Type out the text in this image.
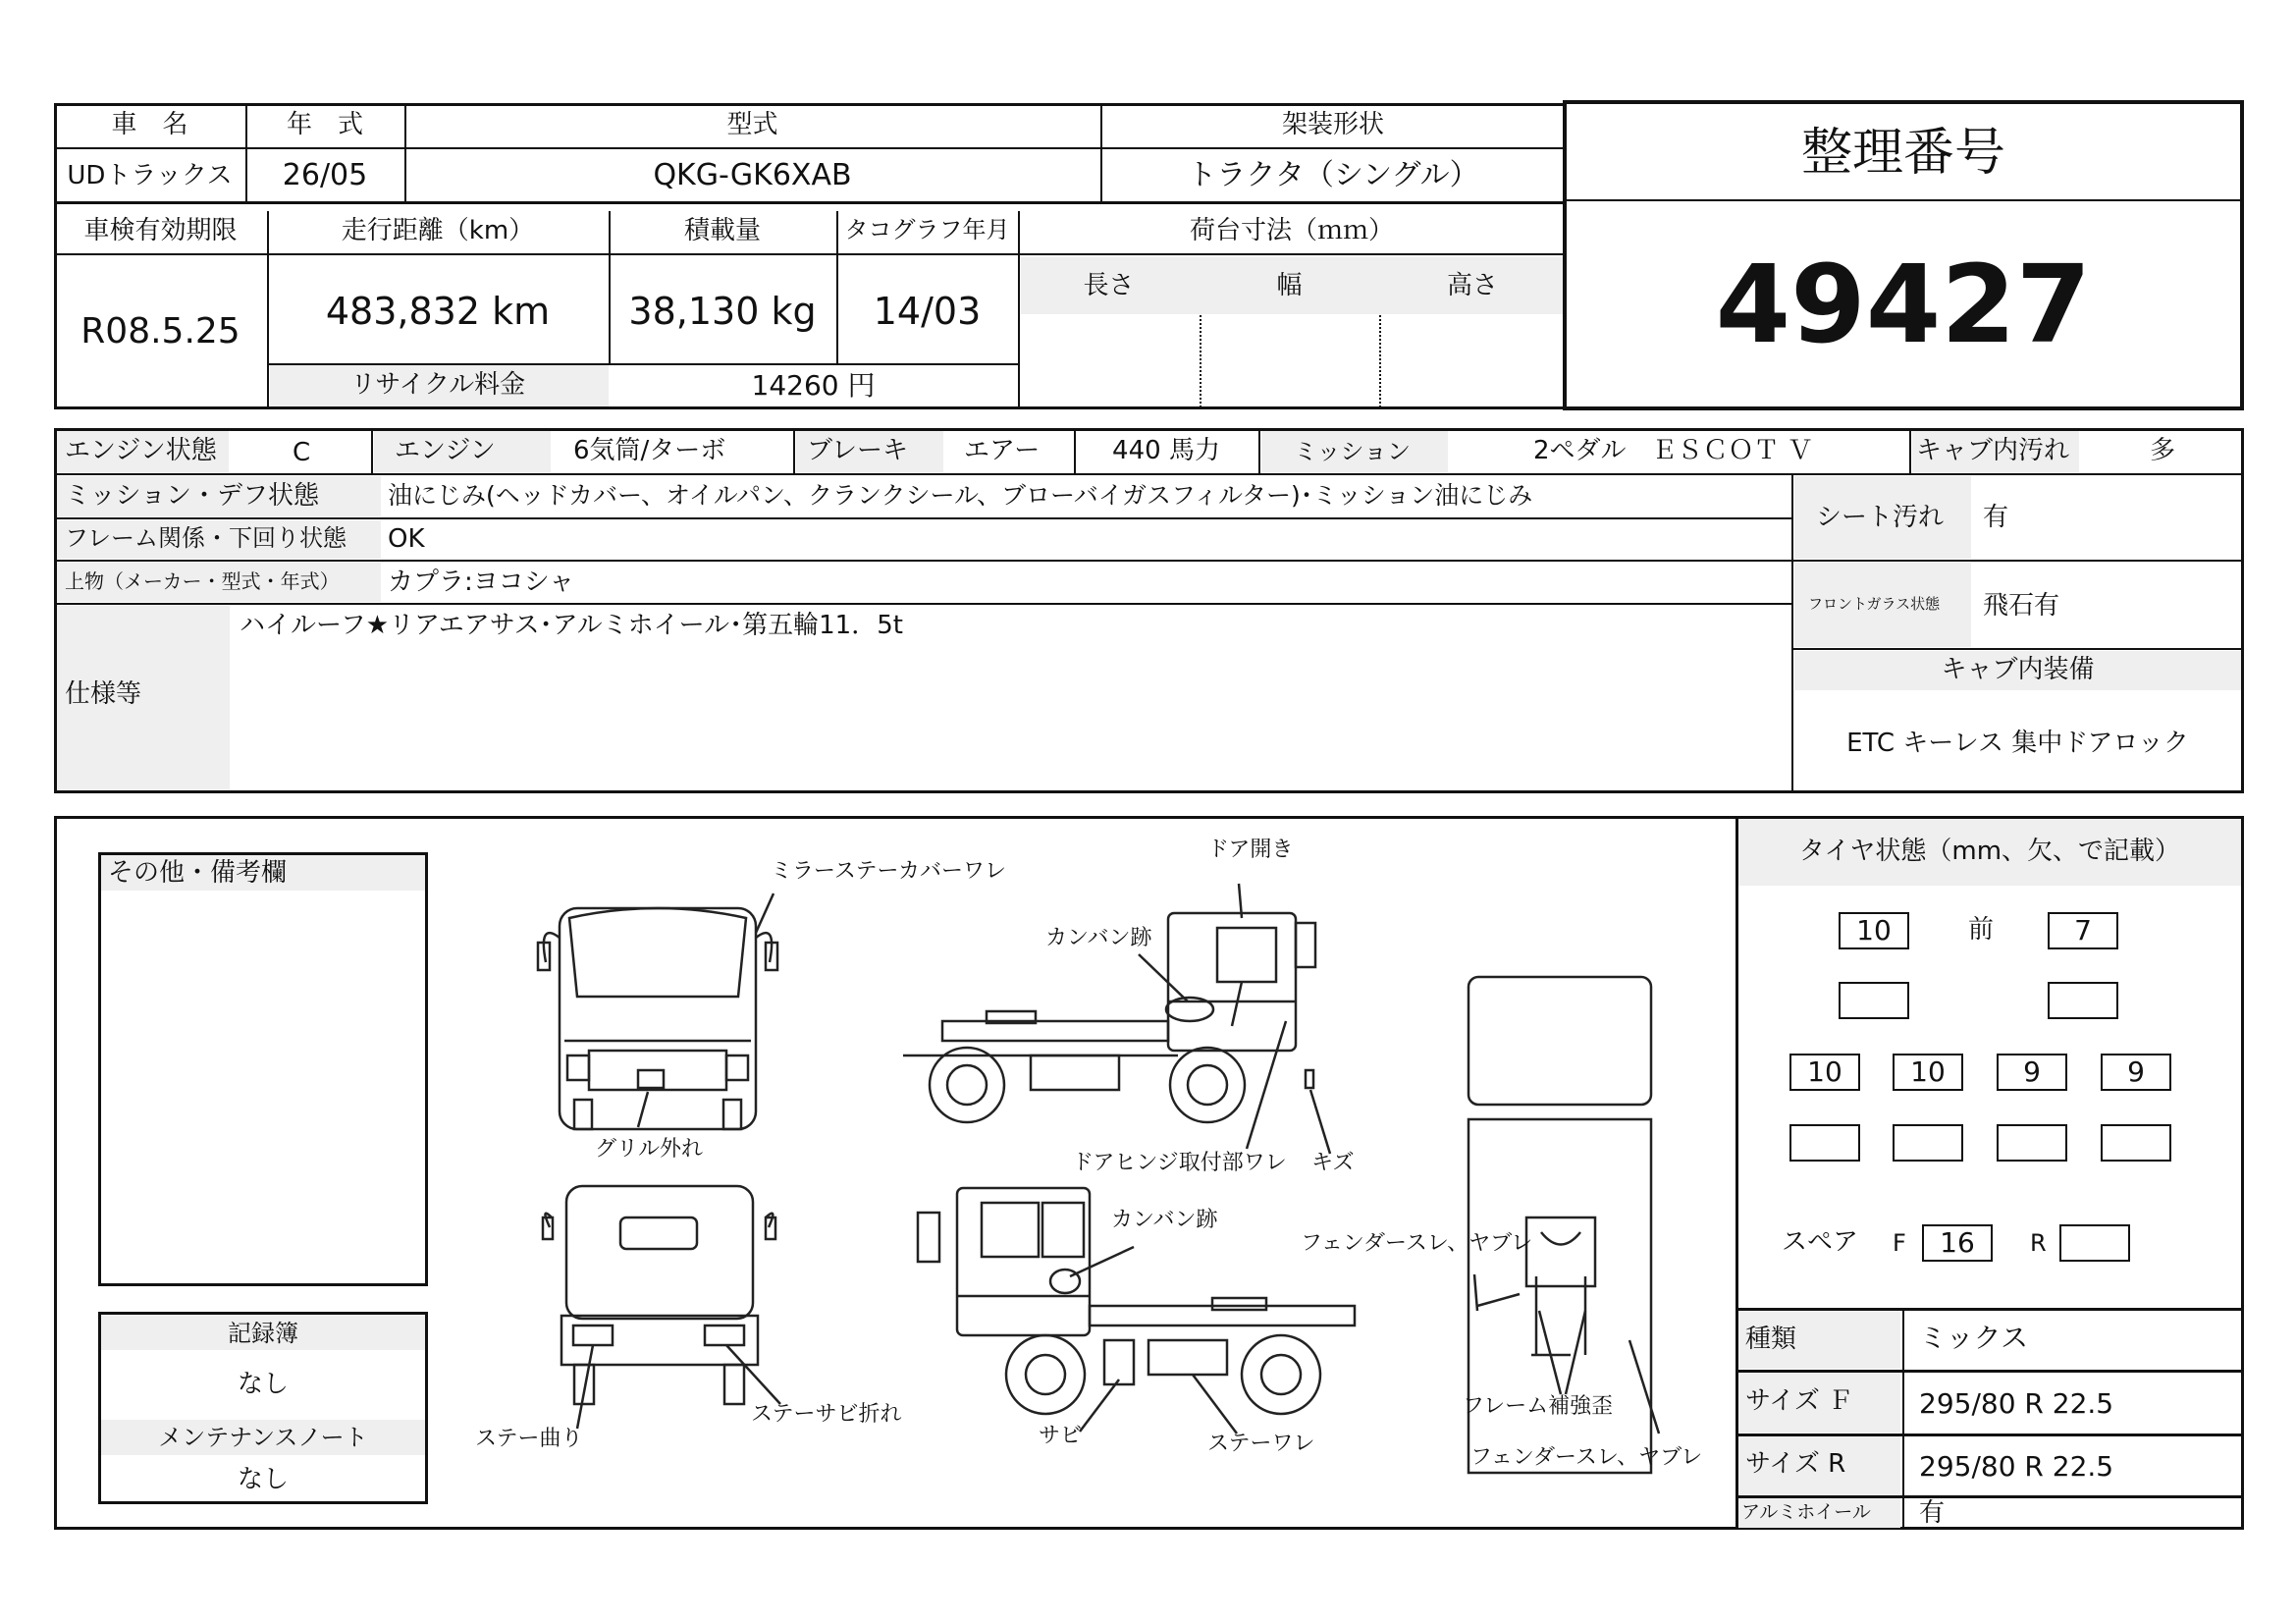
車　名	年　式	型式	架装形状
UDトラックス	26/05	QKG-GK6XAB	トラクタ（シングル）
車検有効期限	走行距離（km）	積載量	タコグラフ年月	荷台寸法（ｍｍ）
R08.5.25	483,832 km	38,130 kg	14/03
長さ	幅	高さ
リサイクル料金	14260 円
整理番号
49427
エンジン状態	C	エンジン	6気筒/ターボ	ブレーキ エアー	440 馬力	ミッション	2ペダル　ＥＳＣＯＴ Ｖ	キャブ内汚れ	多
ミッション・デフ状態	油にじみ(ヘッドカバー、オイルパン、クランクシール、ブローバイガスフィルター)･ミッション油にじみ
フレーム関係・下回り状態 OK
上物（メーカー・型式・年式） カプラ:ヨコシャ
仕様等
ハイルーフ★リアエアサス･アルミホイール･第五輪11．5t
シート汚れ 有
フロントガラス状態 飛石有
キャブ内装備
ETC キーレス 集中ドアロック
その他・備考欄
記録簿
なし
メンテナンスノート
なし
ミラーステーカバーワレ
グリル外れ
ドア開き
カンバン跡
ドアヒンジ取付部ワレ キズ
カンバン跡
ステー曲り
ステーサビ折れ
サビ	ステーワレ
フェンダースレ、ヤブレ
フレーム補強歪
フェンダースレ、ヤブレ
タイヤ状態（mm、欠、で記載）
10	前	7
10	10	9	9
スペア F	16	R
種類	ミックス
サイズ Ｆ 295/80 R 22.5
サイズ R	295/80 R 22.5
アルミホイール 有
